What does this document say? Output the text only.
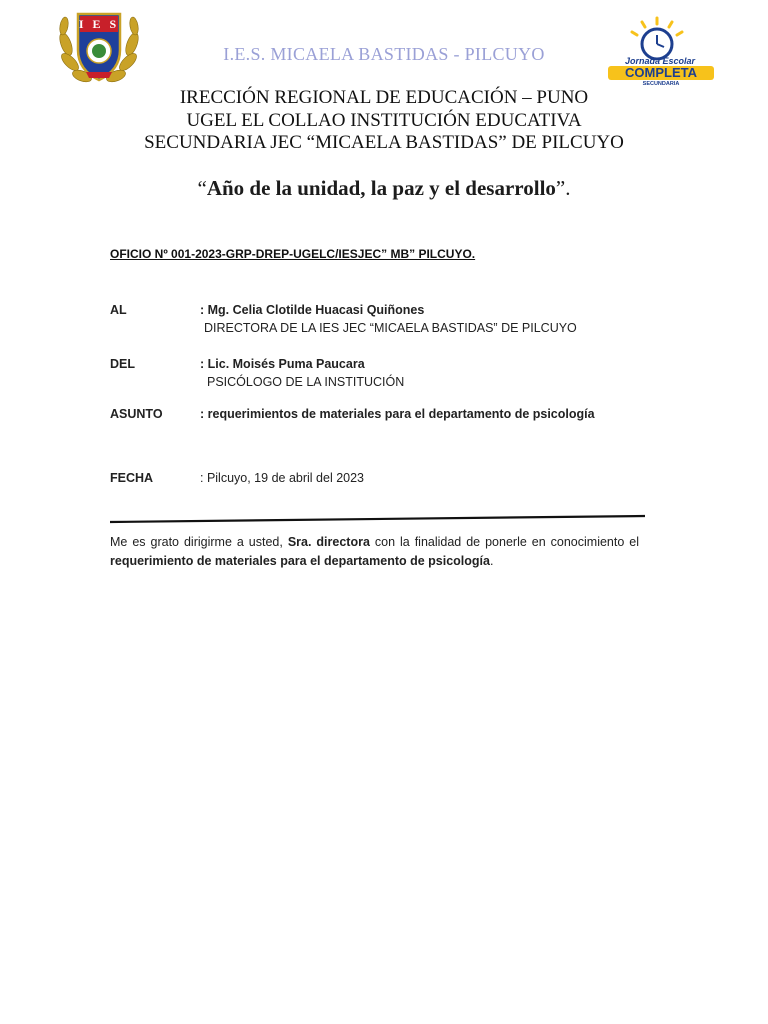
I E S
I.E.S. MICAELA BASTIDAS - PILCUYO	Jornada Escolar
COMPLETA
SECUNDARIA
IRECCIÓN REGIONAL DE EDUCACIÓN – PUNO
UGEL EL COLLAO INSTITUCIÓN EDUCATIVA
SECUNDARIA JEC “MICAELA BASTIDAS” DE PILCUYO
“Año de la unidad, la paz y el desarrollo”.
OFICIO Nº 001-2023-GRP-DREP-UGELC/IESJEC” MB” PILCUYO.
AL	: Mg. Celia Clotilde Huacasi Quiñones
DIRECTORA DE LA IES JEC “MICAELA BASTIDAS” DE PILCUYO
DEL	: Lic. Moisés Puma Paucara
PSICÓLOGO DE LA INSTITUCIÓN
ASUNTO	: requerimientos de materiales para el departamento de psicología
FECHA	: Pilcuyo, 19 de abril del 2023
Me es grato dirigirme a usted, Sra. directora con la finalidad de ponerle en conocimiento el requerimiento de materiales para el departamento de psicología.
